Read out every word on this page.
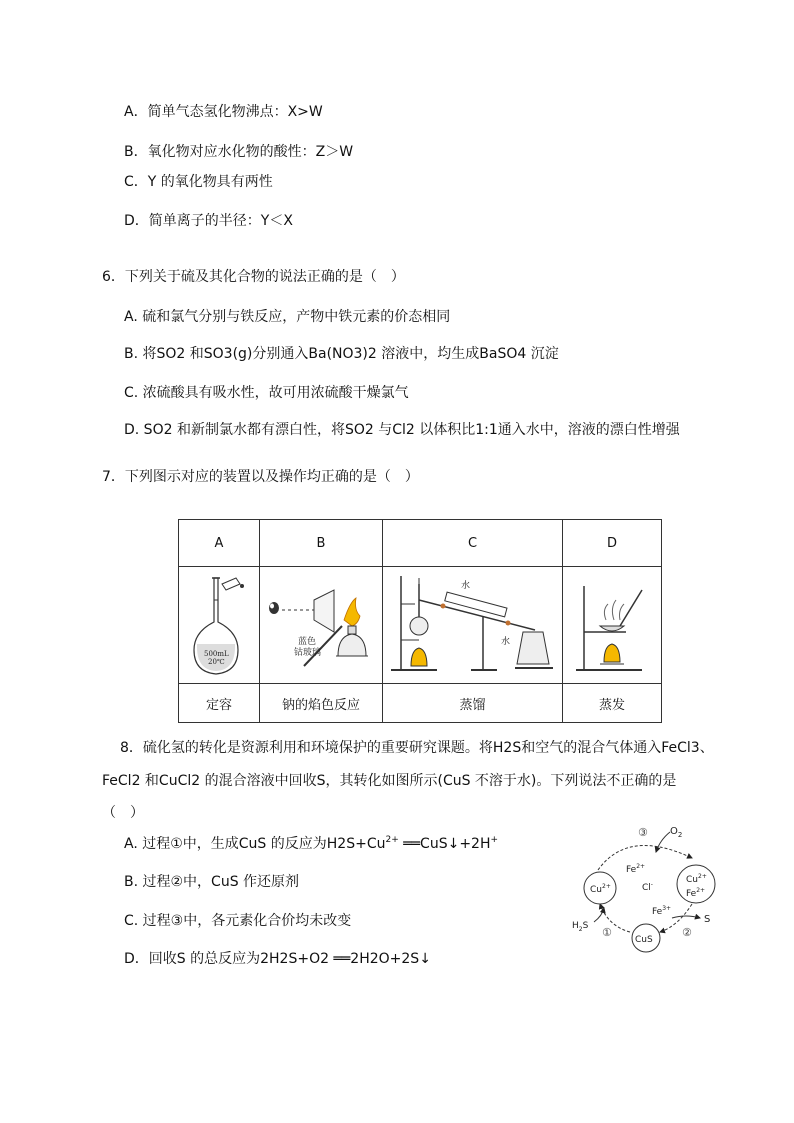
A．简单气态氢化物沸点：X>W
B．氧化物对应水化物的酸性：Z＞W
C．Y 的氧化物具有两性
D．简单离子的半径：Y＜X
6．下列关于硫及其化合物的说法正确的是（　）
A. 硫和氯气分别与铁反应，产物中铁元素的价态相同
B. 将SO2 和SO3(g)分别通入Ba(NO3)2 溶液中，均生成BaSO4 沉淀
C. 浓硫酸具有吸水性，故可用浓硫酸干燥氯气
D. SO2 和新制氯水都有漂白性，将SO2 与Cl2 以体积比1:1通入水中，溶液的漂白性增强
7．下列图示对应的装置以及操作均正确的是（　）
A	B	C	D

500mL
20℃	蓝色
钴玻璃	水
水

定容	钠的焰色反应	蒸馏	蒸发
8．硫化氢的转化是资源利用和环境保护的重要研究课题。将H2S和空气的混合气体通入FeCl3、
FeCl2 和CuCl2 的混合溶液中回收S，其转化如图所示(CuS 不溶于水)。下列说法不正确的是
（　）
A. 过程①中，生成CuS 的反应为$H2S+Cu^{2+}$ ══CuS↓+2H+
B. 过程②中，CuS 作还原剂
C. 过程③中，各元素化合价均未改变
D．回收S 的总反应为2H2S+O2 ══2H2O+2S↓
$O_2$
③
$Fe^{2+}$
Cl-
$Cu^{2+}$
$Cu^{2+}$
$Fe^{2+}$
CuS
$H_2S$ ①
$Fe^{3+}$
S
②
